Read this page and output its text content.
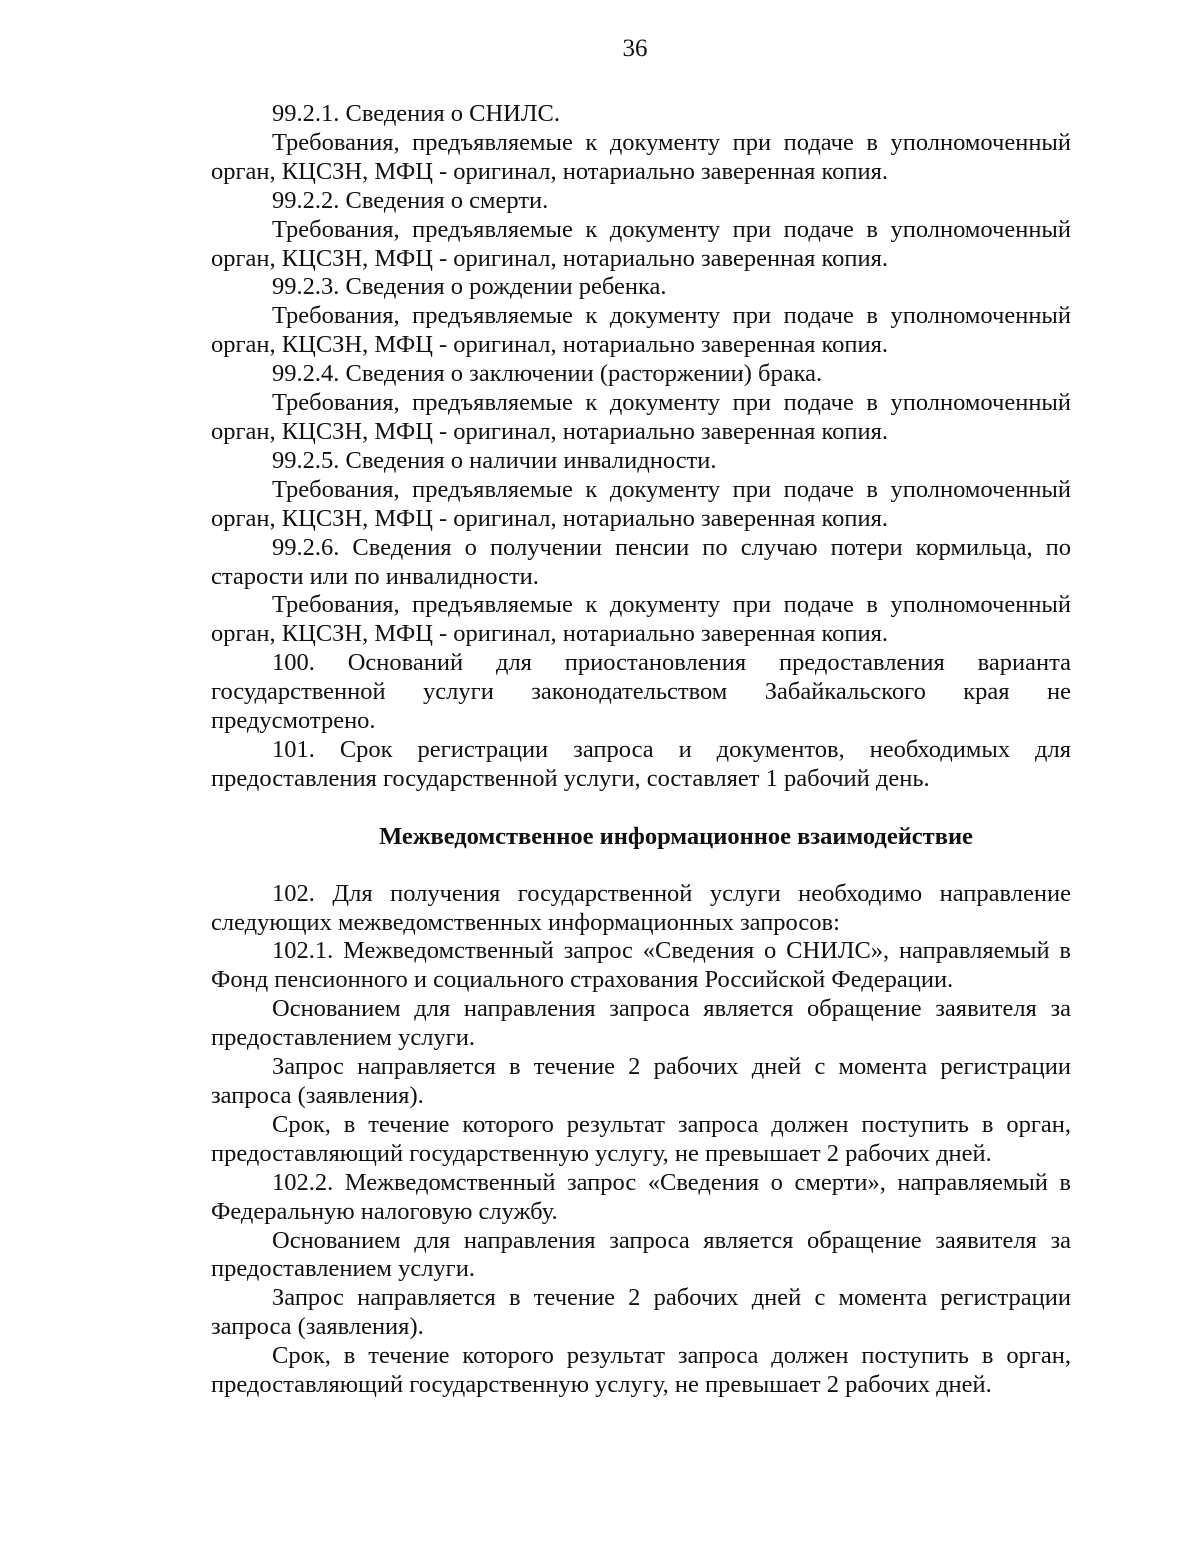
36

99.2.1. Сведения о СНИЛС.

Требования, предъявляемые к документу при подаче в уполномоченный орган, КЦСЗН, МФЦ - оригинал, нотариально заверенная копия.

99.2.2. Сведения о смерти.

Требования, предъявляемые к документу при подаче в уполномоченный орган, КЦСЗН, МФЦ - оригинал, нотариально заверенная копия.

99.2.3. Сведения о рождении ребенка.

Требования, предъявляемые к документу при подаче в уполномоченный орган, КЦСЗН, МФЦ - оригинал, нотариально заверенная копия.

99.2.4. Сведения о заключении (расторжении) брака.

Требования, предъявляемые к документу при подаче в уполномоченный орган, КЦСЗН, МФЦ - оригинал, нотариально заверенная копия.

99.2.5. Сведения о наличии инвалидности.

Требования, предъявляемые к документу при подаче в уполномоченный орган, КЦСЗН, МФЦ - оригинал, нотариально заверенная копия.

99.2.6. Сведения о получении пенсии по случаю потери кормильца, по старости или по инвалидности.

Требования, предъявляемые к документу при подаче в уполномоченный орган, КЦСЗН, МФЦ - оригинал, нотариально заверенная копия.

100. Оснований для приостановления предоставления варианта государственной услуги законодательством Забайкальского края не предусмотрено.

101. Срок регистрации запроса и документов, необходимых для предоставления государственной услуги, составляет 1 рабочий день.

Межведомственное информационное взаимодействие

102. Для получения государственной услуги необходимо направление следующих межведомственных информационных запросов:

102.1. Межведомственный запрос «Сведения о СНИЛС», направляемый в Фонд пенсионного и социального страхования Российской Федерации.

Основанием для направления запроса является обращение заявителя за предоставлением услуги.

Запрос направляется в течение 2 рабочих дней с момента регистрации запроса (заявления).

Срок, в течение которого результат запроса должен поступить в орган, предоставляющий государственную услугу, не превышает 2 рабочих дней.

102.2. Межведомственный запрос «Сведения о смерти», направляемый в Федеральную налоговую службу.

Основанием для направления запроса является обращение заявителя за предоставлением услуги.

Запрос направляется в течение 2 рабочих дней с момента регистрации запроса (заявления).

Срок, в течение которого результат запроса должен поступить в орган, предоставляющий государственную услугу, не превышает 2 рабочих дней.
